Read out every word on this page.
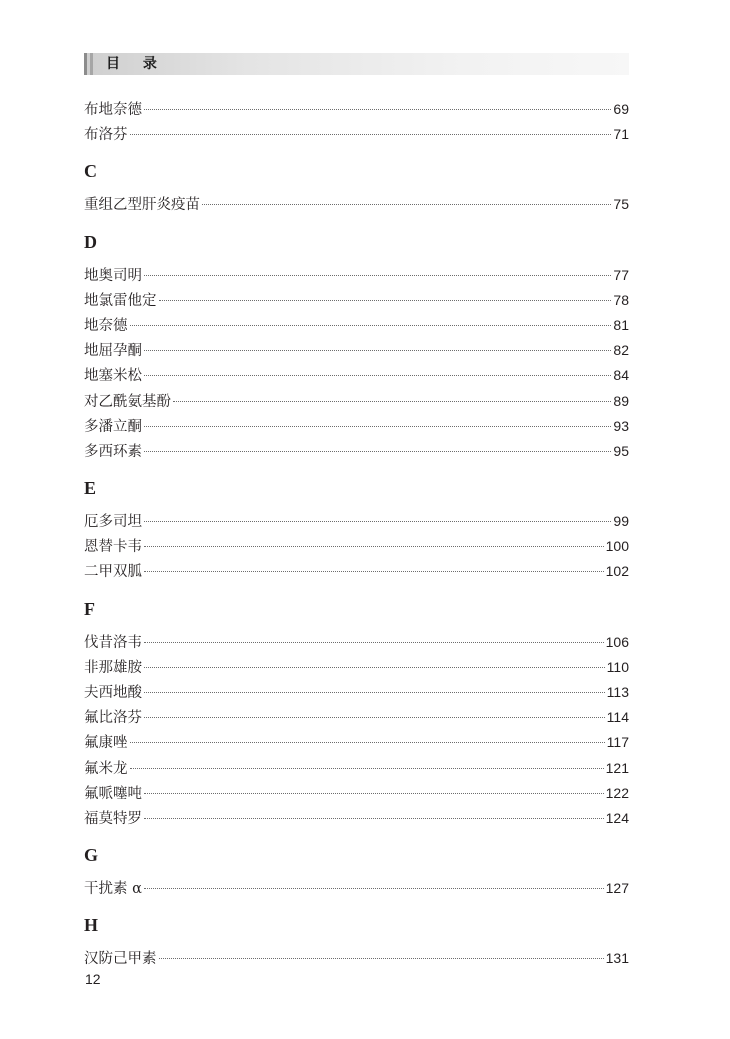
目 录
布地奈德	69
布洛芬	71
C
重组乙型肝炎疫苗	75
D
地奥司明	77
地氯雷他定	78
地奈德	81
地屈孕酮	82
地塞米松	84
对乙酰氨基酚	89
多潘立酮	93
多西环素	95
E
厄多司坦	99
恩替卡韦	100
二甲双胍	102
F
伐昔洛韦	106
非那雄胺	110
夫西地酸	113
氟比洛芬	114
氟康唑	117
氟米龙	121
氟哌噻吨	122
福莫特罗	124
G
干扰素 α	127
H
汉防己甲素	131
12
